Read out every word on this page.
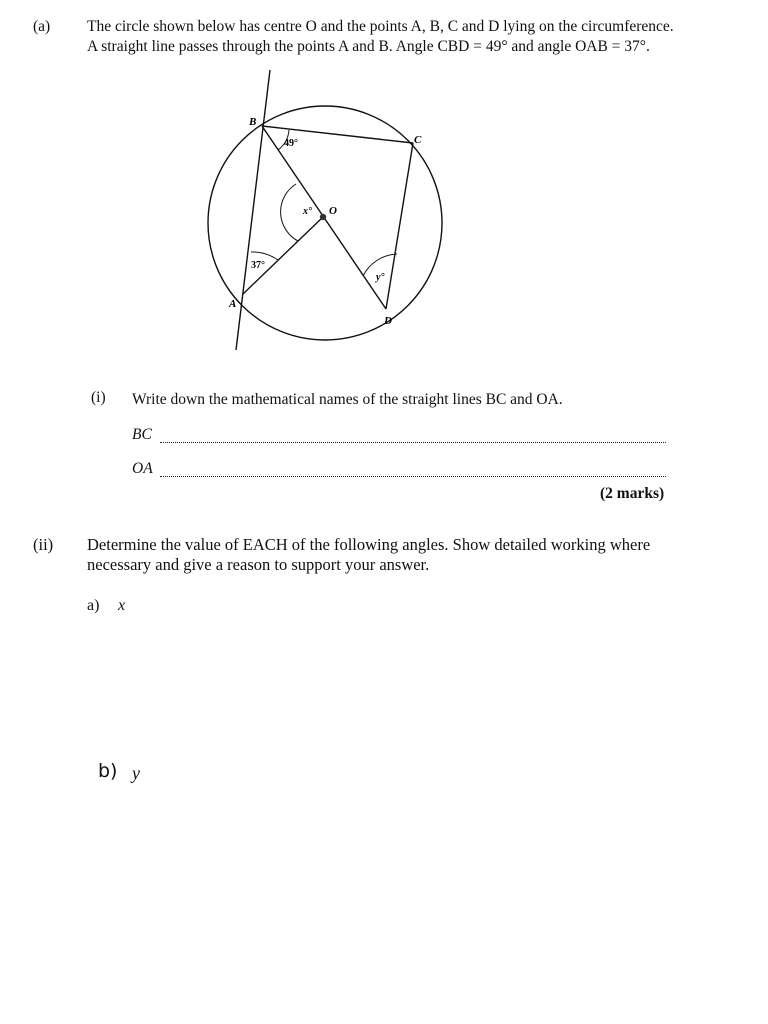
(a) The circle shown below has centre O and the points A, B, C and D lying on the circumference.
A straight line passes through the points A and B. Angle CBD = 49° and angle OAB = 37°.
B
C
D
A
O
49°
37°
x°
y°
(i) Write down the mathematical names of the straight lines BC and OA.
BC
OA
(2 marks)
(ii) Determine the value of EACH of the following angles. Show detailed working where
necessary and give a reason to support your answer.
a) x
b) y
